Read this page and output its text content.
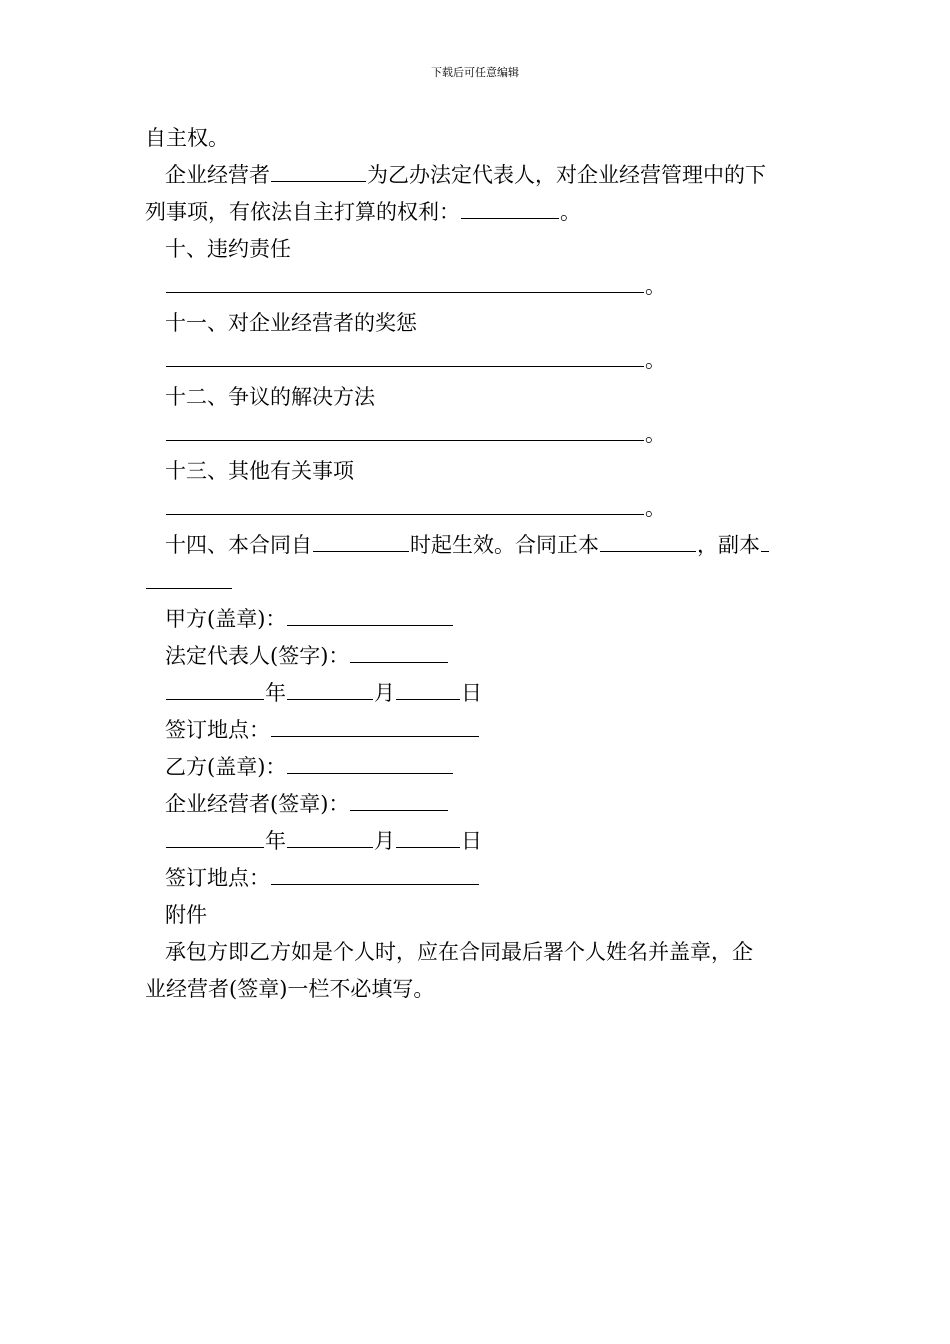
下载后可任意编辑
自主权。
企业经营者	为乙办法定代表人，对企业经营管理中的下
列事项，有依法自主打算的权利：	。
十、违约责任
。
十一、对企业经营者的奖惩
。
十二、争议的解决方法
。
十三、其他有关事项
。
十四、本合同自	时起生效。合同正本	，副本
甲方(盖章)：
法定代表人(签字)：
年	月	日
签订地点：
乙方(盖章)：
企业经营者(签章)：
年	月	日
签订地点：
附件
承包方即乙方如是个人时，应在合同最后署个人姓名并盖章，企
业经营者(签章)一栏不必填写。
